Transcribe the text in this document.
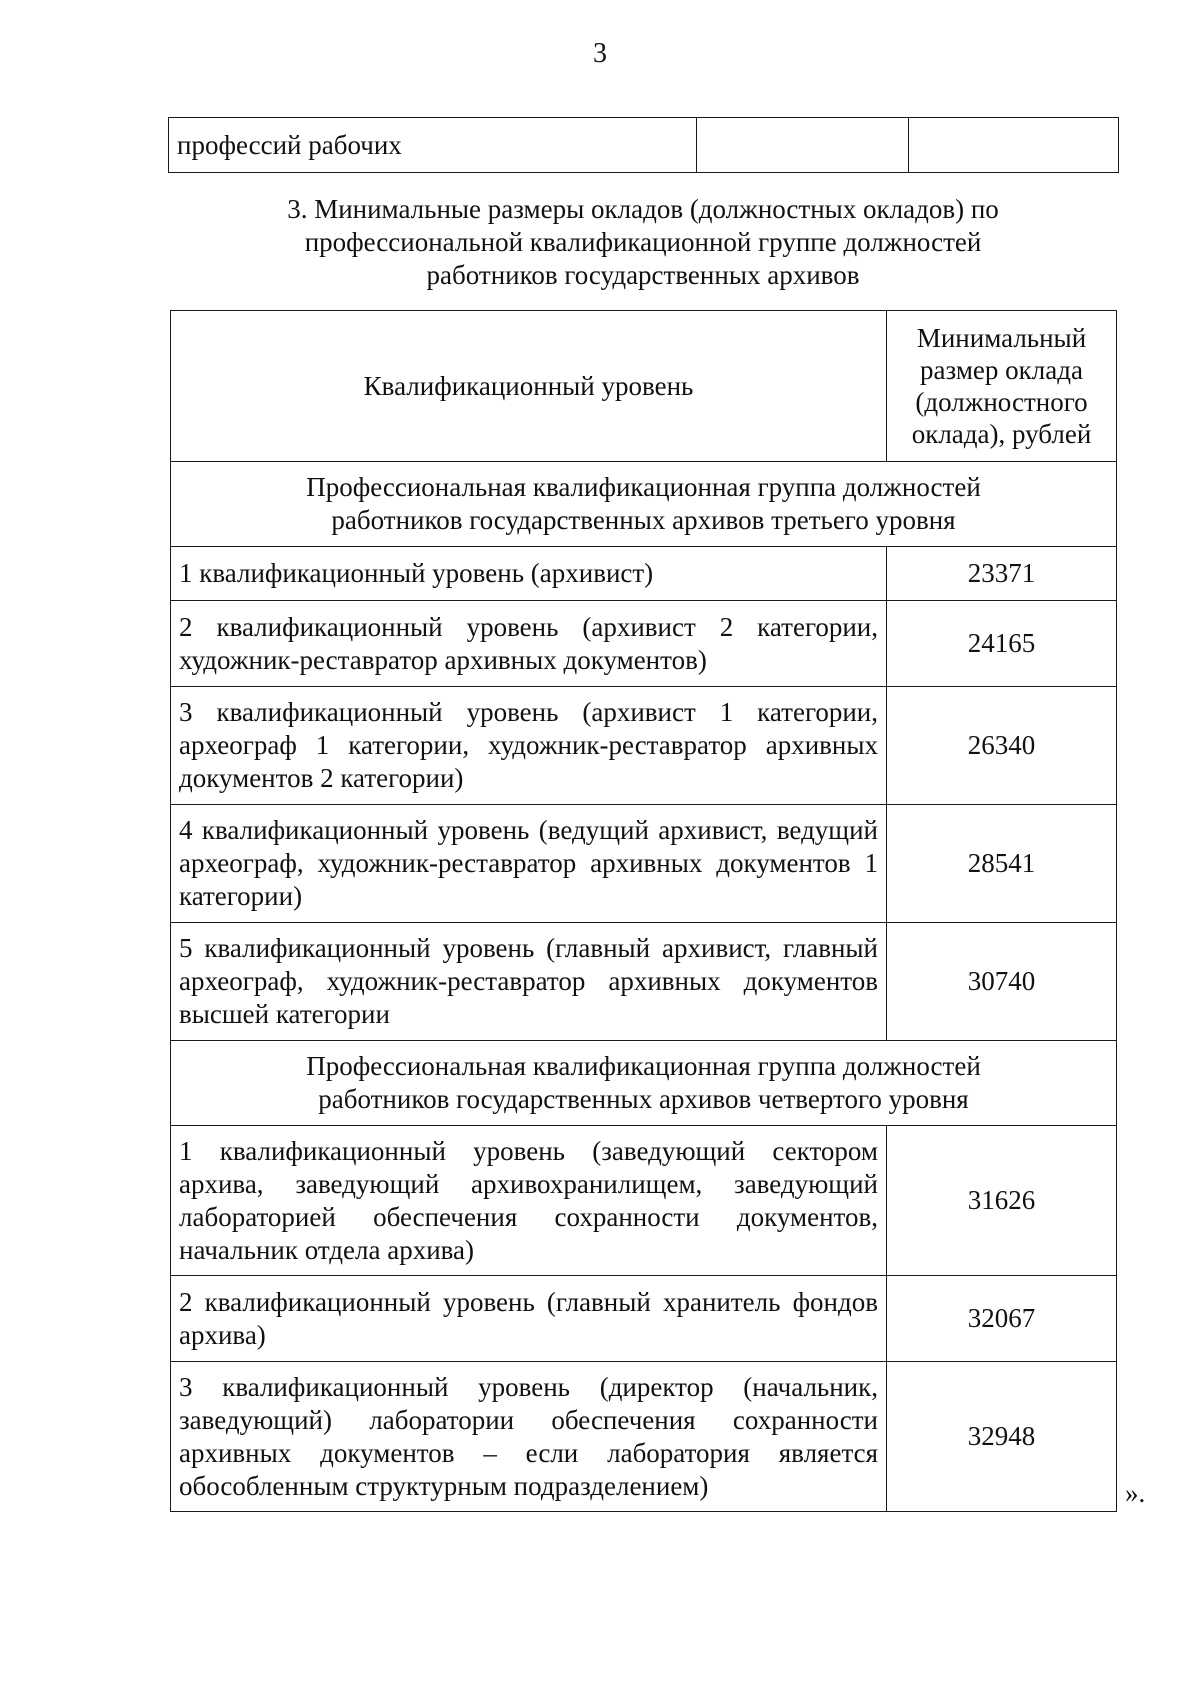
3
профессий рабочих		
3. Минимальные размеры окладов (должностных окладов) по
профессиональной квалификационной группе должностей
работников государственных архивов
Квалификационный уровень	Минимальный размер оклада (должностного оклада), рублей

Профессиональная квалификационная группа должностей
работников государственных архивов третьего уровня	

1 квалификационный уровень (архивист)	23371
2 квалификационный уровень (архивист 2 категории, художник-реставратор архивных документов)	24165
3 квалификационный уровень (архивист 1 категории, археограф 1 категории, художник-реставратор архивных документов 2 категории)	26340
4 квалификационный уровень (ведущий архивист, ведущий археограф, художник-реставратор архивных документов 1 категории)	28541
5 квалификационный уровень (главный архивист, главный археограф, художник-реставратор архивных документов высшей категории	30740

Профессиональная квалификационная группа должностей
работников государственных архивов четвертого уровня	

1 квалификационный уровень (заведующий сектором архива, заведующий архивохранилищем, заведующий лабораторией обеспечения сохранности документов, начальник отдела архива)	31626
2 квалификационный уровень (главный хранитель фондов архива)	32067
3 квалификационный уровень (директор (начальник, заведующий) лаборатории обеспечения сохранности архивных документов – если лаборатория является обособленным структурным подразделением)	32948
».
